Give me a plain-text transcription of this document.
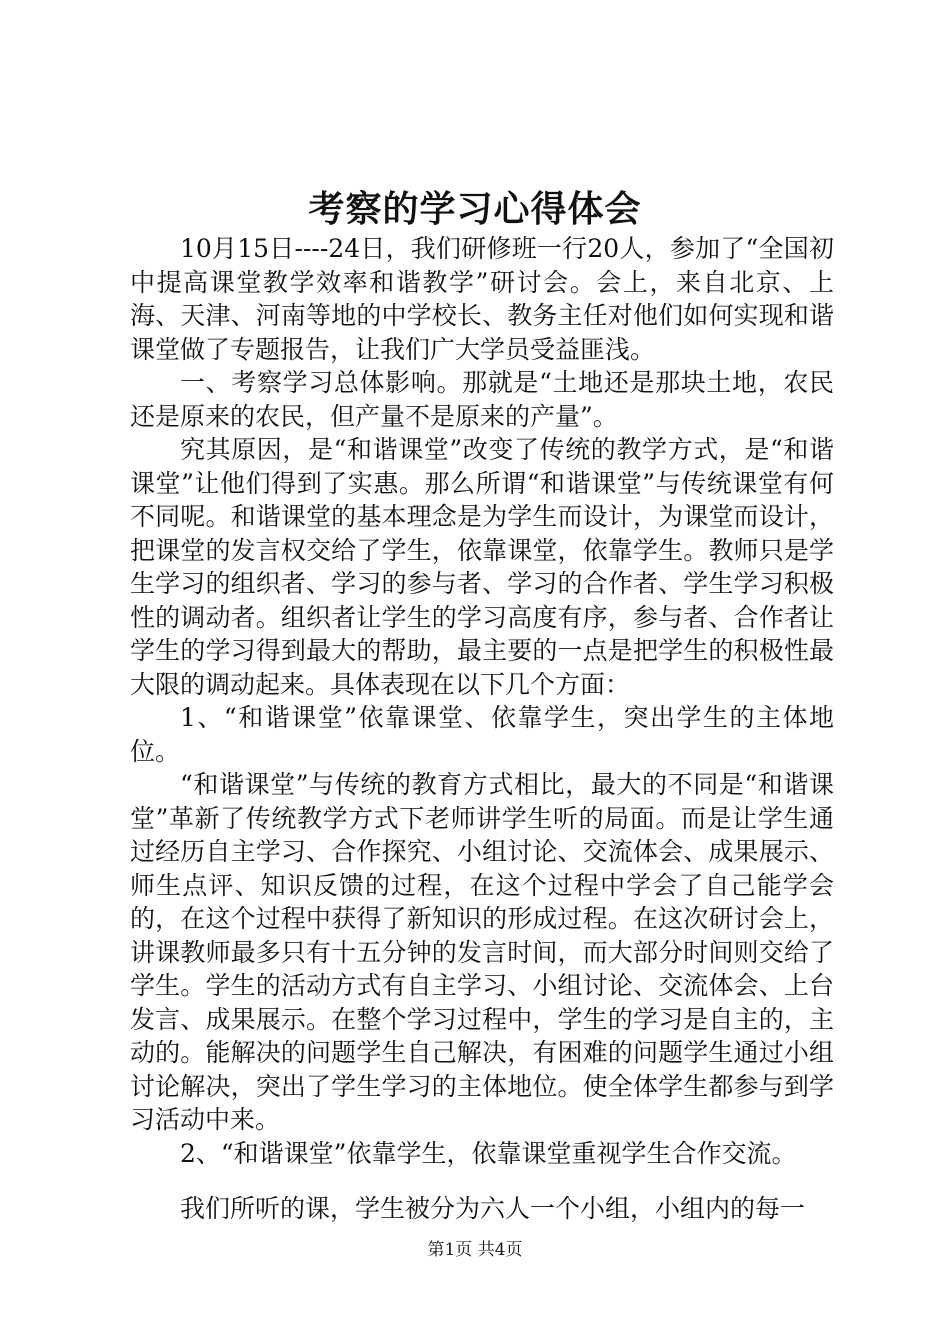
考察的学习心得体会

10月15日----24日，我们研修班一行20人，参加了“全国初中提高课堂教学效率和谐教学”研讨会。会上，来自北京、上海、天津、河南等地的中学校长、教务主任对他们如何实现和谐课堂做了专题报告，让我们广大学员受益匪浅。

一、考察学习总体影响。那就是“土地还是那块土地，农民还是原来的农民，但产量不是原来的产量”。

究其原因，是“和谐课堂”改变了传统的教学方式，是“和谐课堂”让他们得到了实惠。那么所谓“和谐课堂”与传统课堂有何不同呢。和谐课堂的基本理念是为学生而设计，为课堂而设计，把课堂的发言权交给了学生，依靠课堂，依靠学生。教师只是学生学习的组织者、学习的参与者、学习的合作者、学生学习积极性的调动者。组织者让学生的学习高度有序，参与者、合作者让学生的学习得到最大的帮助，最主要的一点是把学生的积极性最大限的调动起来。具体表现在以下几个方面：

1、“和谐课堂”依靠课堂、依靠学生，突出学生的主体地位。

“和谐课堂”与传统的教育方式相比，最大的不同是“和谐课堂”革新了传统教学方式下老师讲学生听的局面。而是让学生通过经历自主学习、合作探究、小组讨论、交流体会、成果展示、师生点评、知识反馈的过程，在这个过程中学会了自己能学会的，在这个过程中获得了新知识的形成过程。在这次研讨会上，讲课教师最多只有十五分钟的发言时间，而大部分时间则交给了学生。学生的活动方式有自主学习、小组讨论、交流体会、上台发言、成果展示。在整个学习过程中，学生的学习是自主的，主动的。能解决的问题学生自己解决，有困难的问题学生通过小组讨论解决，突出了学生学习的主体地位。使全体学生都参与到学习活动中来。

2、“和谐课堂”依靠学生，依靠课堂重视学生合作交流。

我们所听的课，学生被分为六人一个小组，小组内的每一

第1页 共4页
